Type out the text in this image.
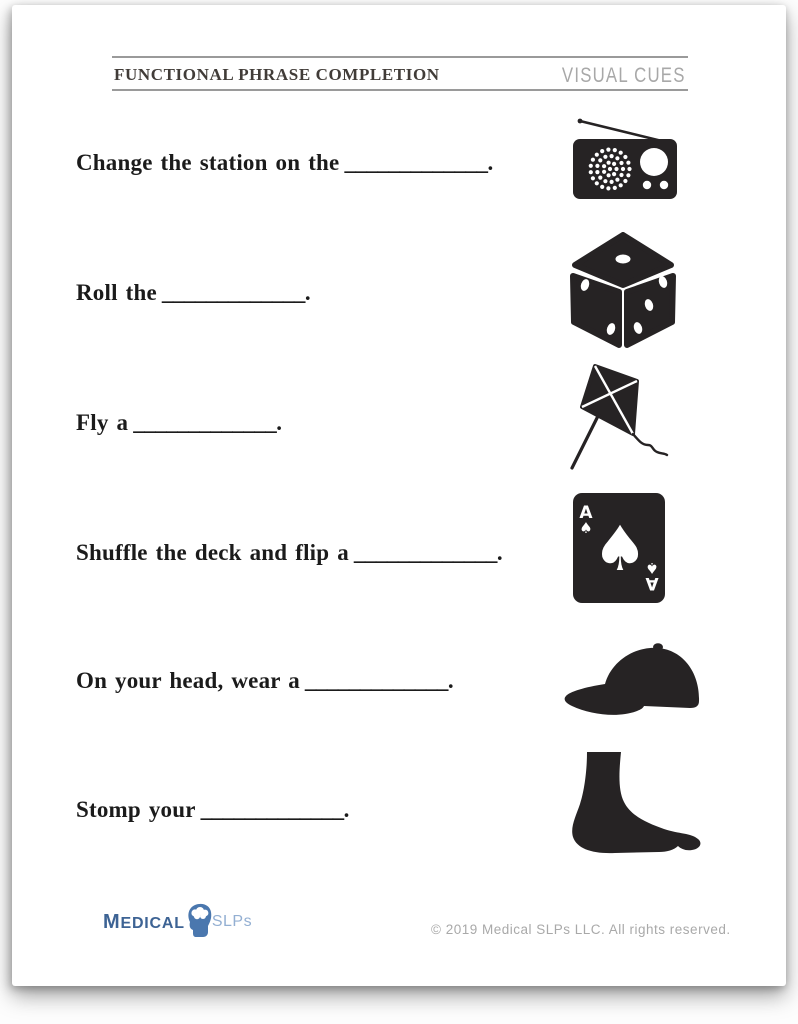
FUNCTIONAL PHRASE COMPLETION	VISUAL CUES
Change the station on the _____________.
Roll the _____________.
Fly a _____________.
Shuffle the deck and flip a _____________.
A
♠ ♠
A
♠
On your head, wear a _____________.
Stomp your _____________.
MEDICAL SLPs	© 2019 Medical SLPs LLC. All rights reserved.
